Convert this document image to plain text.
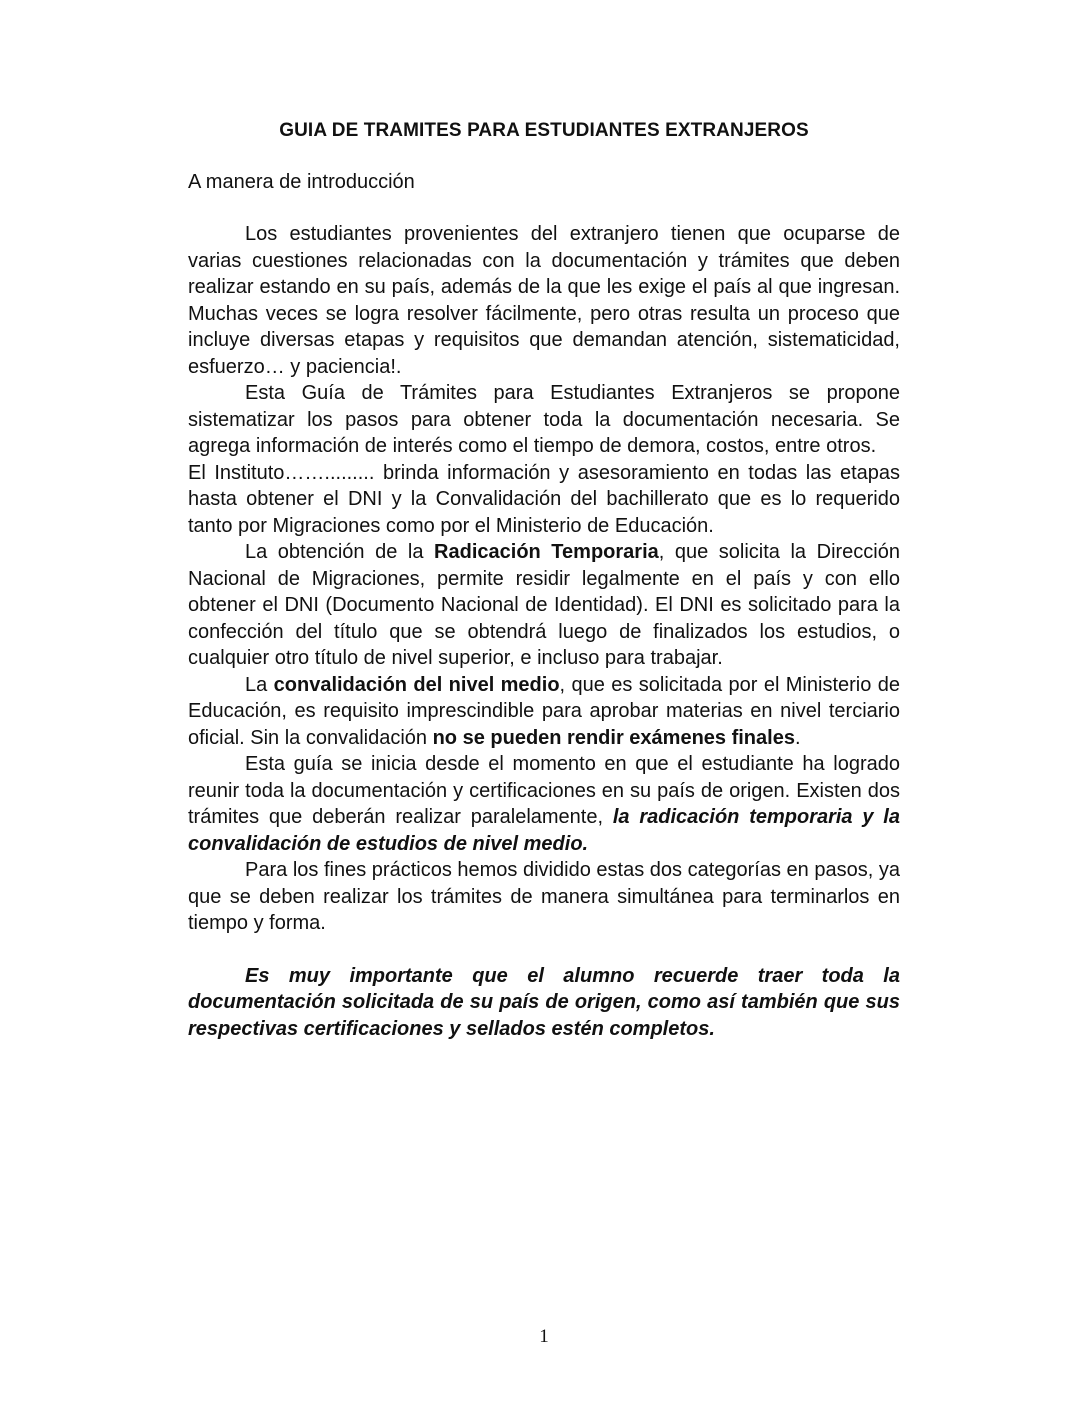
GUIA DE TRAMITES PARA ESTUDIANTES EXTRANJEROS
A manera de introducción

Los estudiantes provenientes del extranjero tienen que ocuparse de varias cuestiones relacionadas con la documentación y trámites que deben realizar estando en su país, además de la que les exige el país al que ingresan. Muchas veces se logra resolver fácilmente, pero otras resulta un proceso que incluye diversas etapas y requisitos que demandan atención, sistematicidad, esfuerzo… y paciencia!.

Esta Guía de Trámites para Estudiantes Extranjeros se propone sistematizar los pasos para obtener toda la documentación necesaria. Se agrega información de interés como el tiempo de demora, costos, entre otros.

El Instituto……......... brinda información y asesoramiento en todas las etapas hasta obtener el DNI y la Convalidación del bachillerato que es lo requerido tanto por Migraciones como por el Ministerio de Educación.

La obtención de la Radicación Temporaria, que solicita la Dirección Nacional de Migraciones, permite residir legalmente en el país y con ello obtener el DNI (Documento Nacional de Identidad). El DNI es solicitado para la confección del título que se obtendrá luego de finalizados los estudios, o cualquier otro título de nivel superior, e incluso para trabajar.

La convalidación del nivel medio, que es solicitada por el Ministerio de Educación, es requisito imprescindible para aprobar materias en nivel terciario oficial. Sin la convalidación no se pueden rendir exámenes finales.

Esta guía se inicia desde el momento en que el estudiante ha logrado reunir toda la documentación y certificaciones en su país de origen. Existen dos trámites que deberán realizar paralelamente, la radicación temporaria y la convalidación de estudios de nivel medio.

Para los fines prácticos hemos dividido estas dos categorías en pasos, ya que se deben realizar los trámites de manera simultánea para terminarlos en tiempo y forma.

Es muy importante que el alumno recuerde traer toda la documentación solicitada de su país de origen, como así también que sus respectivas certificaciones y sellados estén completos.

1
